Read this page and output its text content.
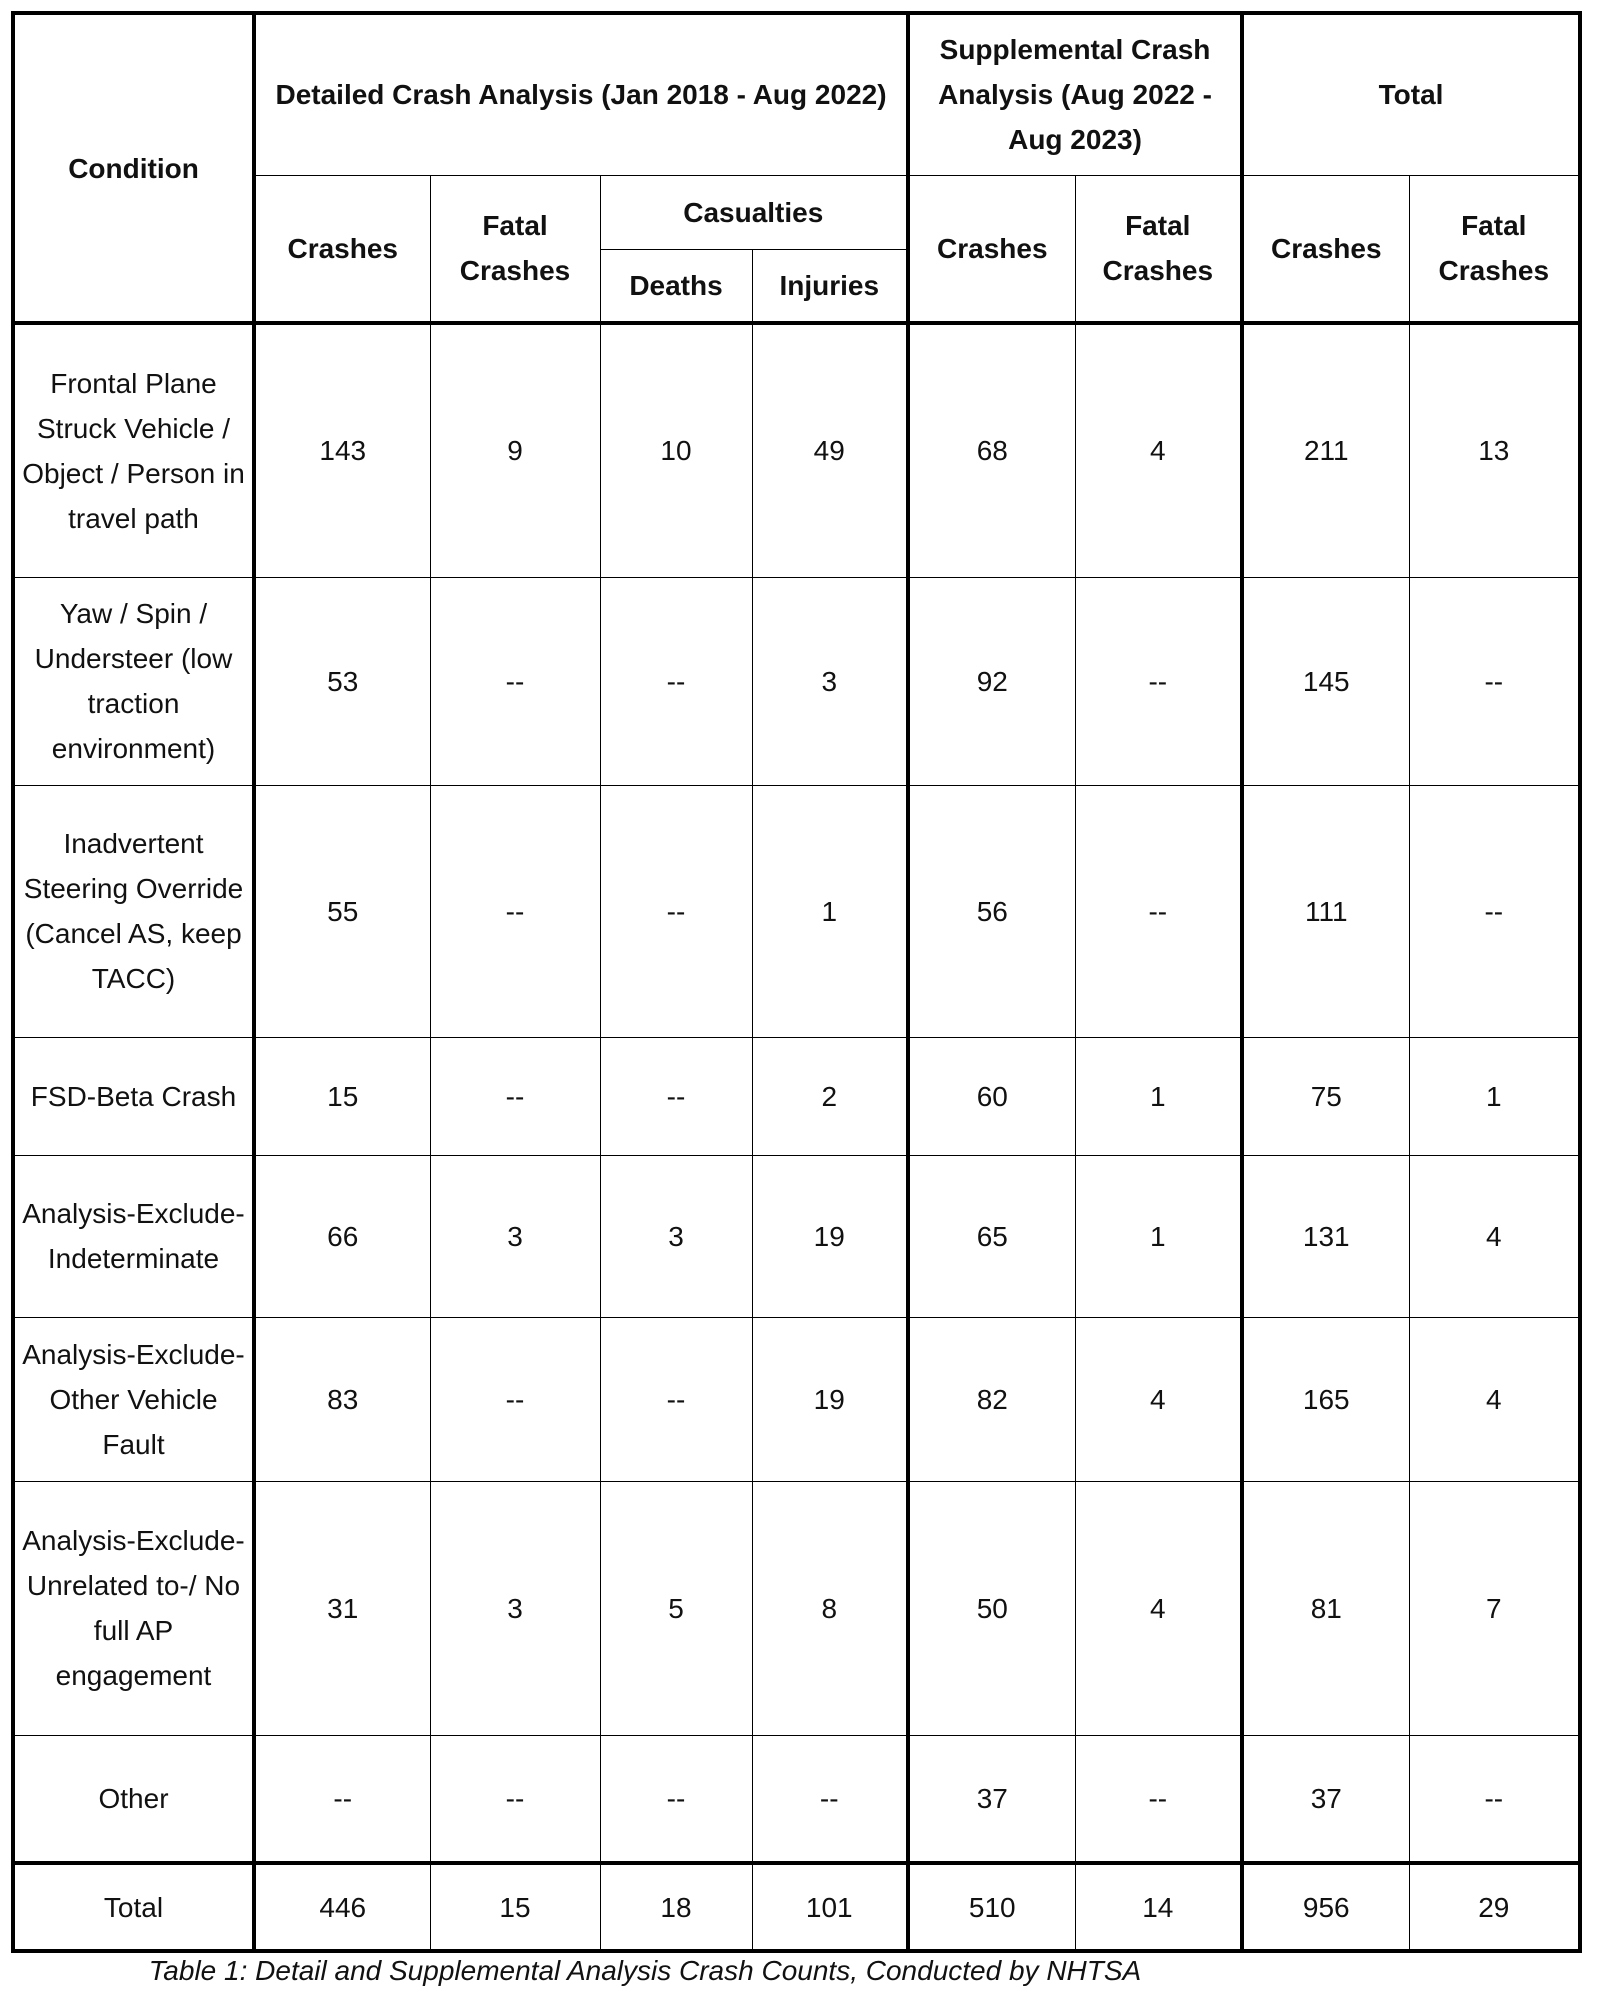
Condition	Detailed Crash Analysis (Jan 2018 - Aug 2022)				Supplemental Crash Analysis (Aug 2022 - Aug 2023)		Total	
	Crashes	Fatal Crashes	Casualties		Crashes	Fatal Crashes	Crashes	Fatal Crashes
			Deaths	Injuries				
Frontal Plane Struck Vehicle / Object / Person in travel path	143	9	10	49	68	4	211	13
Yaw / Spin / Understeer (low traction environment)	53	--	--	3	92	--	145	--
Inadvertent Steering Override (Cancel AS, keep TACC)	55	--	--	1	56	--	111	--
FSD-Beta Crash	15	--	--	2	60	1	75	1
Analysis-Exclude-Indeterminate	66	3	3	19	65	1	131	4
Analysis-Exclude- Other Vehicle Fault	83	--	--	19	82	4	165	4
Analysis-Exclude-Unrelated to-/ No full AP engagement	31	3	5	8	50	4	81	7
Other	--	--	--	--	37	--	37	--
Total	446	15	18	101	510	14	956	29
Table 1: Detail and Supplemental Analysis Crash Counts, Conducted by NHTSA
